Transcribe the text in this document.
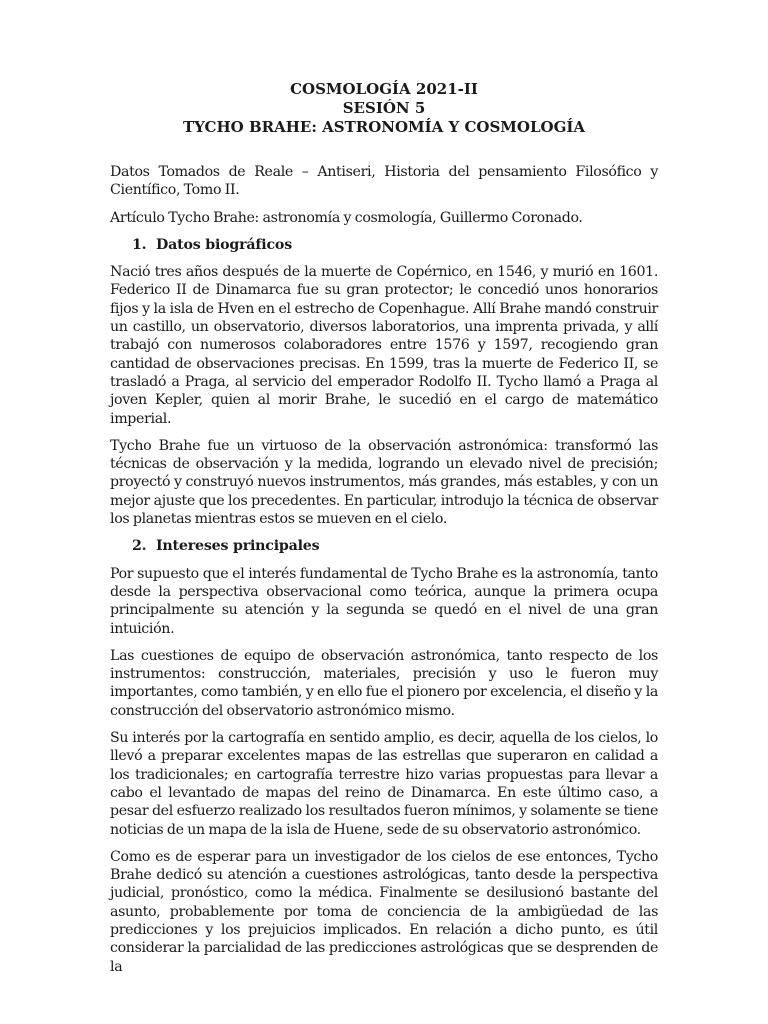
COSMOLOGÍA 2021-II
SESIÓN 5
TYCHO BRAHE: ASTRONOMÍA Y COSMOLOGÍA

Datos Tomados de Reale – Antiseri, Historia del pensamiento Filosófico y Científico, Tomo II.

Artículo Tycho Brahe: astronomía y cosmología, Guillermo Coronado.

1. Datos biográficos

Nació tres años después de la muerte de Copérnico, en 1546, y murió en 1601. Federico II de Dinamarca fue su gran protector; le concedió unos honorarios fijos y la isla de Hven en el estrecho de Copenhague. Allí Brahe mandó construir un castillo, un observatorio, diversos laboratorios, una imprenta privada, y allí trabajó con numerosos colaboradores entre 1576 y 1597, recogiendo gran cantidad de observaciones precisas. En 1599, tras la muerte de Federico II, se trasladó a Praga, al servicio del emperador Rodolfo II. Tycho llamó a Praga al joven Kepler, quien al morir Brahe, le sucedió en el cargo de matemático imperial.

Tycho Brahe fue un virtuoso de la observación astronómica: transformó las técnicas de observación y la medida, logrando un elevado nivel de precisión; proyectó y construyó nuevos instrumentos, más grandes, más estables, y con un mejor ajuste que los precedentes. En particular, introdujo la técnica de observar los planetas mientras estos se mueven en el cielo.

2. Intereses principales

Por supuesto que el interés fundamental de Tycho Brahe es la astronomía, tanto desde la perspectiva observacional como teórica, aunque la primera ocupa principalmente su atención y la segunda se quedó en el nivel de una gran intuición.

Las cuestiones de equipo de observación astronómica, tanto respecto de los instrumentos: construcción, materiales, precisión y uso le fueron muy importantes, como también, y en ello fue el pionero por excelencia, el diseño y la construcción del observatorio astronómico mismo.

Su interés por la cartografía en sentido amplio, es decir, aquella de los cielos, lo llevó a preparar excelentes mapas de las estrellas que superaron en calidad a los tradicionales; en cartografía terrestre hizo varias propuestas para llevar a cabo el levantado de mapas del reino de Dinamarca. En este último caso, a pesar del esfuerzo realizado los resultados fueron mínimos, y solamente se tiene noticias de un mapa de la isla de Huene, sede de su observatorio astronómico.

Como es de esperar para un investigador de los cielos de ese entonces, Tycho Brahe dedicó su atención a cuestiones astrológicas, tanto desde la perspectiva judicial, pronóstico, como la médica. Finalmente se desilusionó bastante del asunto, probablemente por toma de conciencia de la ambigüedad de las predicciones y los prejuicios implicados. En relación a dicho punto, es útil considerar la parcialidad de las predicciones astrológicas que se desprenden de la
